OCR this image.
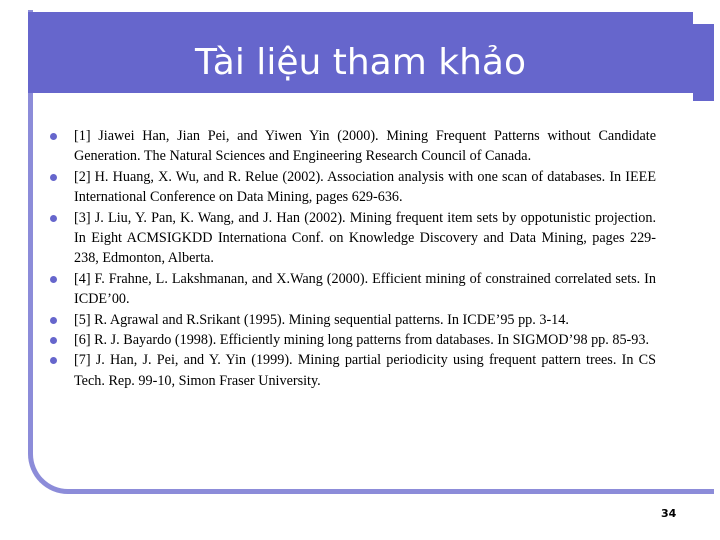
Tài liệu tham khảo
[1] Jiawei Han, Jian Pei, and Yiwen Yin (2000). Mining Frequent Patterns without Candidate Generation. The Natural Sciences and Engineering Research Council of Canada.
[2] H. Huang, X. Wu, and R. Relue (2002). Association analysis with one scan of databases. In IEEE International Conference on Data Mining, pages 629-636.
[3] J. Liu, Y. Pan, K. Wang, and J. Han (2002). Mining frequent item sets by oppotunistic projection. In Eight ACMSIGKDD Internationa Conf. on Knowledge Discovery and Data Mining, pages 229-238, Edmonton, Alberta.
[4] F. Frahne, L. Lakshmanan, and X.Wang (2000). Efficient mining of constrained correlated sets. In ICDE’00.
[5] R. Agrawal and R.Srikant (1995). Mining sequential patterns. In ICDE’95 pp. 3-14.
[6] R. J. Bayardo (1998). Efficiently mining long patterns from databases. In SIGMOD’98 pp. 85-93.
[7] J. Han, J. Pei, and Y. Yin (1999). Mining partial periodicity using frequent pattern trees. In CS Tech. Rep. 99-10, Simon Fraser University.
34
